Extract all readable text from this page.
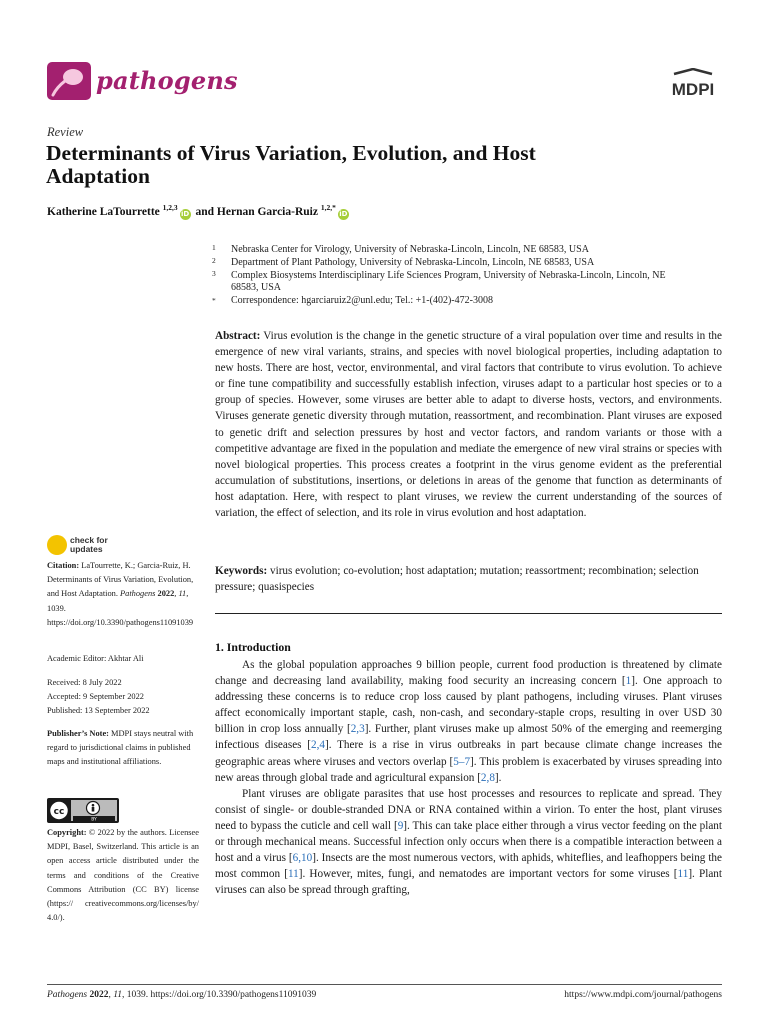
pathogens	MDPI
Review
Determinants of Virus Variation, Evolution, and Host Adaptation
Katherine LaTourrette $^{1,2,3}$iD and Hernan Garcia-Ruiz $^{1,2,*}$iD
1 Nebraska Center for Virology, University of Nebraska-Lincoln, Lincoln, NE 68583, USA
2 Department of Plant Pathology, University of Nebraska-Lincoln, Lincoln, NE 68583, USA
3 Complex Biosystems Interdisciplinary Life Sciences Program, University of Nebraska-Lincoln, Lincoln, NE 68583, USA
* Correspondence: hgarciaruiz2@unl.edu; Tel.: +1-(402)-472-3008
Abstract: Virus evolution is the change in the genetic structure of a viral population over time and results in the emergence of new viral variants, strains, and species with novel biological properties, including adaptation to new hosts. There are host, vector, environmental, and viral factors that contribute to virus evolution. To achieve or fine tune compatibility and successfully establish infection, viruses adapt to a particular host species or to a group of species. However, some viruses are better able to adapt to diverse hosts, vectors, and environments. Viruses generate genetic diversity through mutation, reassortment, and recombination. Plant viruses are exposed to genetic drift and selection pressures by host and vector factors, and random variants or those with a competitive advantage are fixed in the population and mediate the emergence of new viral strains or species with novel biological properties. This process creates a footprint in the virus genome evident as the preferential accumulation of substitutions, insertions, or deletions in areas of the genome that function as determinants of host adaptation. Here, with respect to plant viruses, we review the current understanding of the sources of variation, the effect of selection, and its role in virus evolution and host adaptation.
Keywords: virus evolution; co-evolution; host adaptation; mutation; reassortment; recombination; selection pressure; quasispecies
1. Introduction

As the global population approaches 9 billion people, current food production is threatened by climate change and decreasing land availability, making food security an increasing concern [1]. One approach to addressing these concerns is to reduce crop loss caused by plant pathogens, including viruses. Plant viruses affect economically important staple, cash, non-cash, and secondary-staple crops, resulting in over USD 30 billion in crop loss annually [2,3]. Further, plant viruses make up almost 50% of the emerging and reemerging infectious diseases [2,4]. There is a rise in virus outbreaks in part because climate change increases the geographic areas where viruses and vectors overlap [5–7]. This problem is exacerbated by viruses spreading into new areas through global trade and agricultural expansion [2,8].

Plant viruses are obligate parasites that use host processes and resources to replicate and spread. They consist of single- or double-stranded DNA or RNA contained within a virion. To enter the host, plant viruses need to bypass the cuticle and cell wall [9]. This can take place either through a virus vector feeding on the plant or through mechanical means. Successful infection only occurs when there is a compatible interaction between a host and a virus [6,10]. Insects are the most numerous vectors, with aphids, whiteflies, and leafhoppers being the most common [11]. However, mites, fungi, and nematodes are important vectors for some viruses [11]. Plant viruses can also be spread through grafting,

check for
updates

Citation: LaTourrette, K.; Garcia-Ruiz, H. Determinants of Virus Variation, Evolution, and Host Adaptation. Pathogens 2022, 11, 1039. https://doi.org/10.3390/pathogens11091039

Academic Editor: Akhtar Ali

Received: 8 July 2022

Accepted: 9 September 2022

Published: 13 September 2022

Publisher’s Note: MDPI stays neutral with regard to jurisdictional claims in published maps and institutional affiliations.

cc
BY

Copyright: © 2022 by the authors. Licensee MDPI, Basel, Switzerland. This article is an open access article distributed under the terms and conditions of the Creative Commons Attribution (CC BY) license (https:// creativecommons.org/licenses/by/ 4.0/).

Pathogens 2022, 11, 1039. https://doi.org/10.3390/pathogens11091039	https://www.mdpi.com/journal/pathogens
